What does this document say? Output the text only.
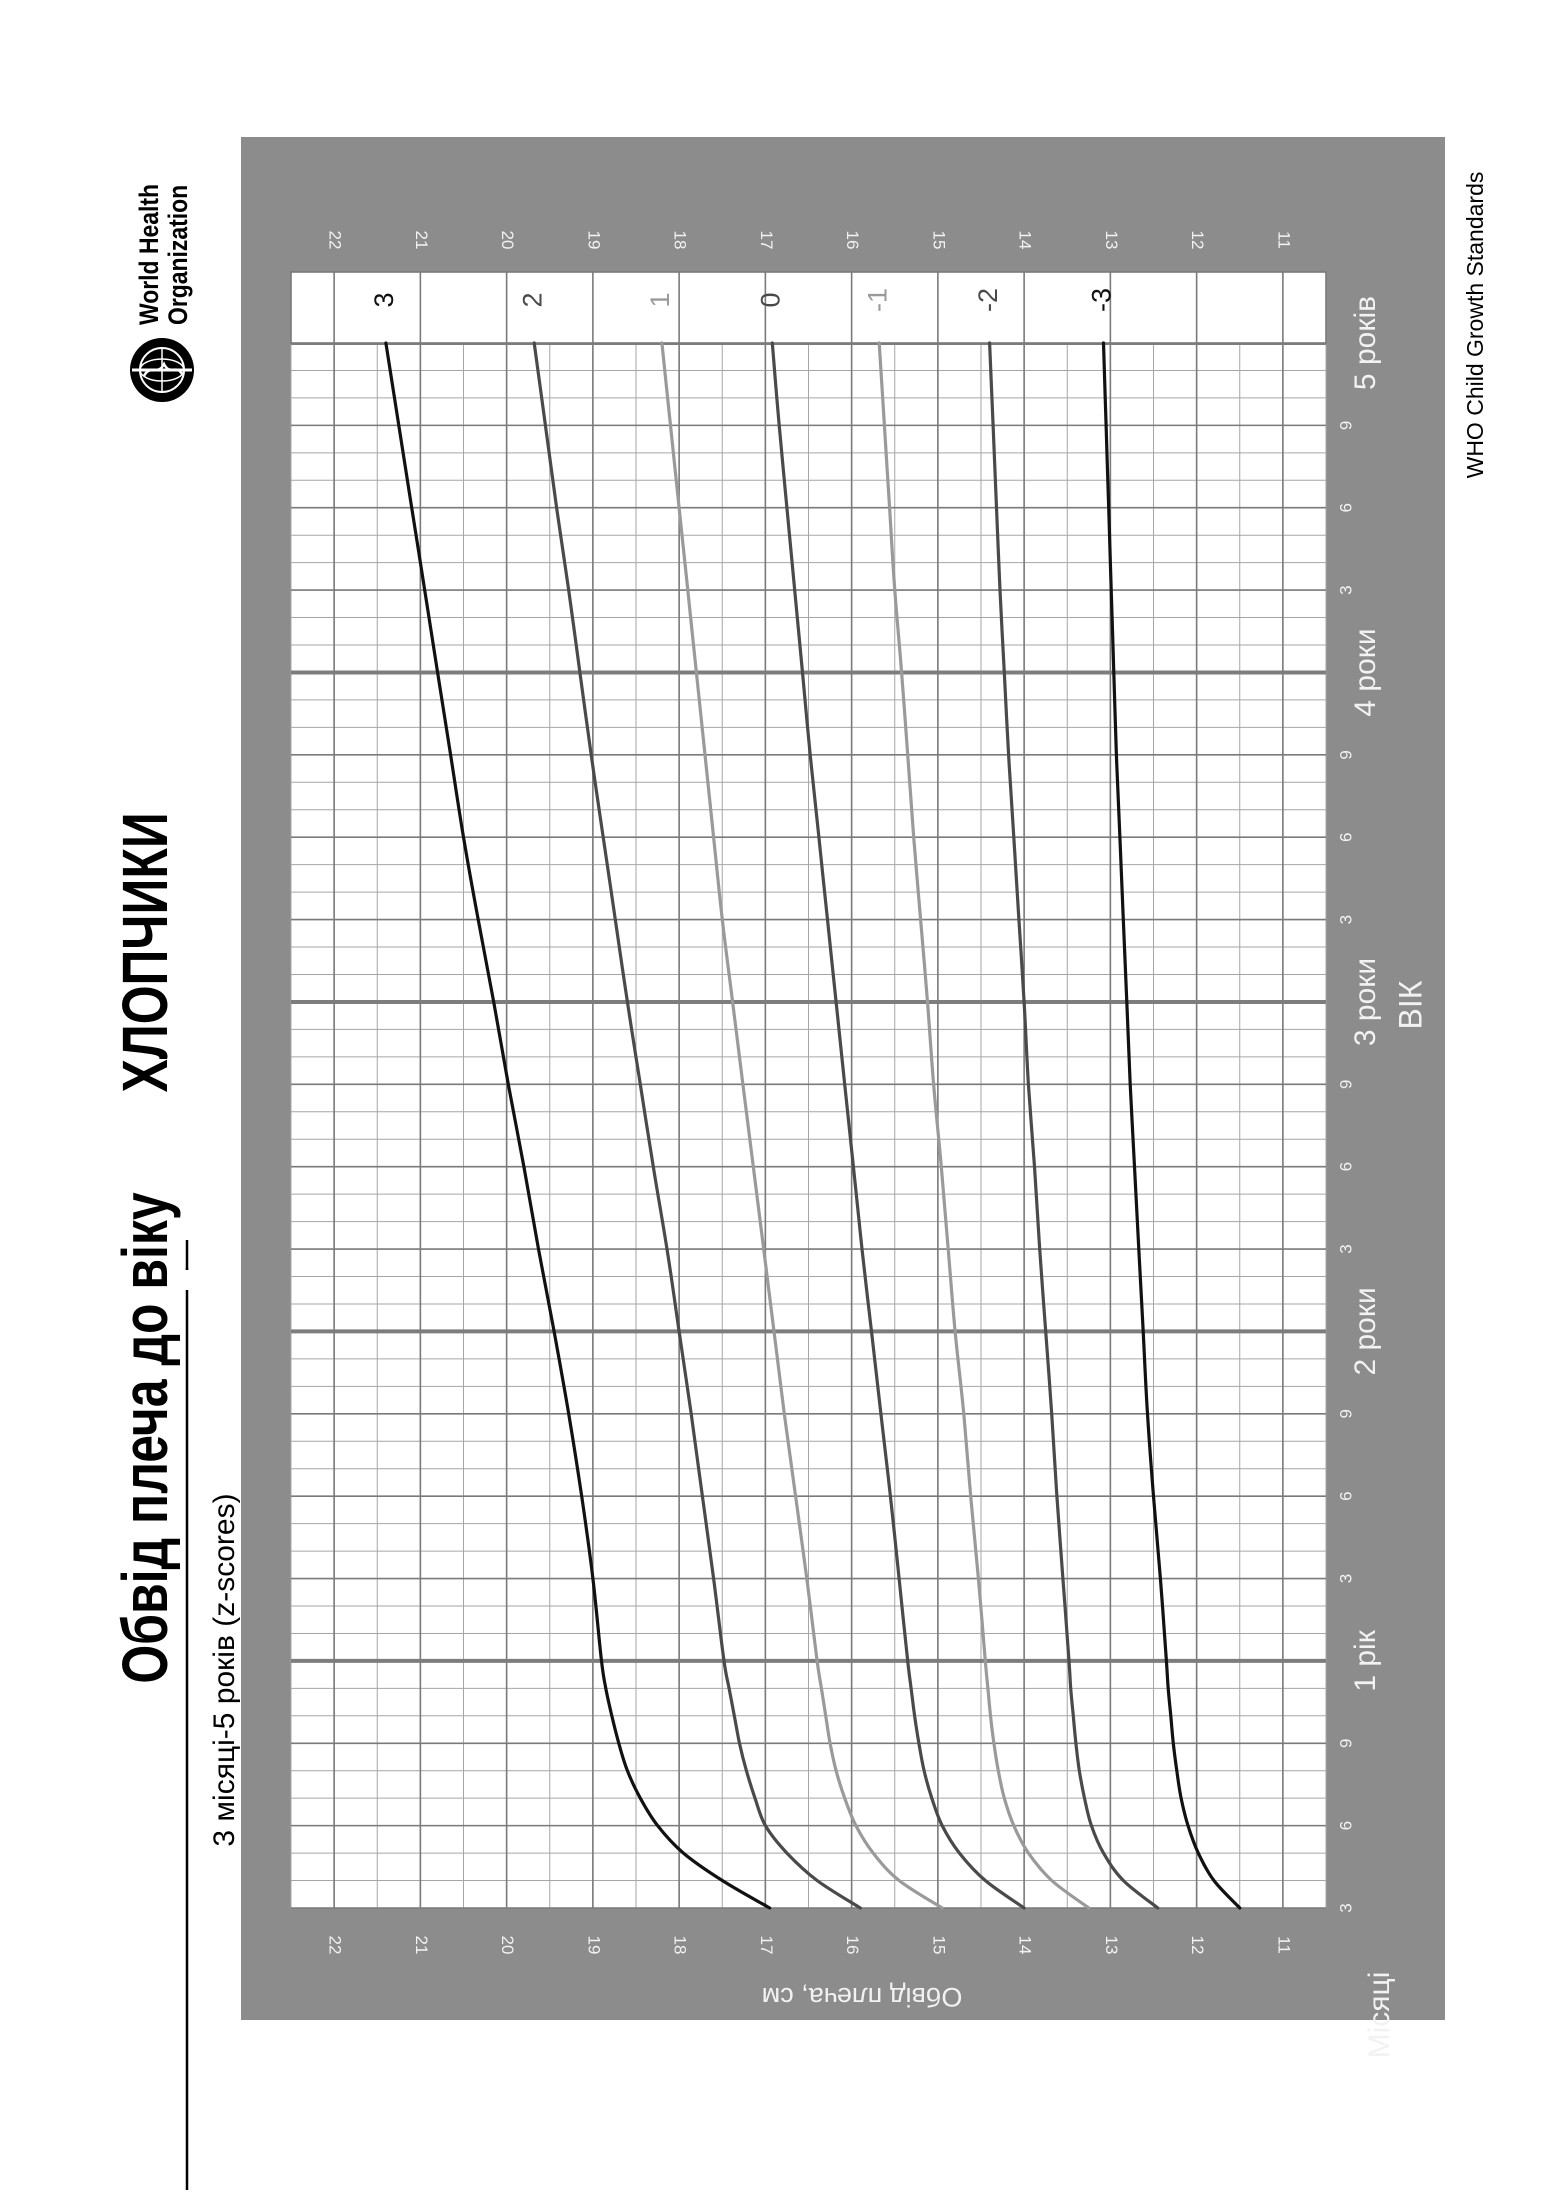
11
11
12
12
13
13
14
14
15
15
16
16
17
17
18
18
19
19
20
20
21
21
22
22
3
6
9
3
6
9
3
6
9
3
6
9
3
6
9
1 рік
2 роки
3 роки
4 роки
5 років
ВІК
Місяці
Обвід плеча, см
3	2	1	0	-1	-2	-3
Обвід плеча до віку  ХЛОПЧИКИ 3 місяці-5 років (z-scores)
World Health
Organization	WHO Child Growth Standards
